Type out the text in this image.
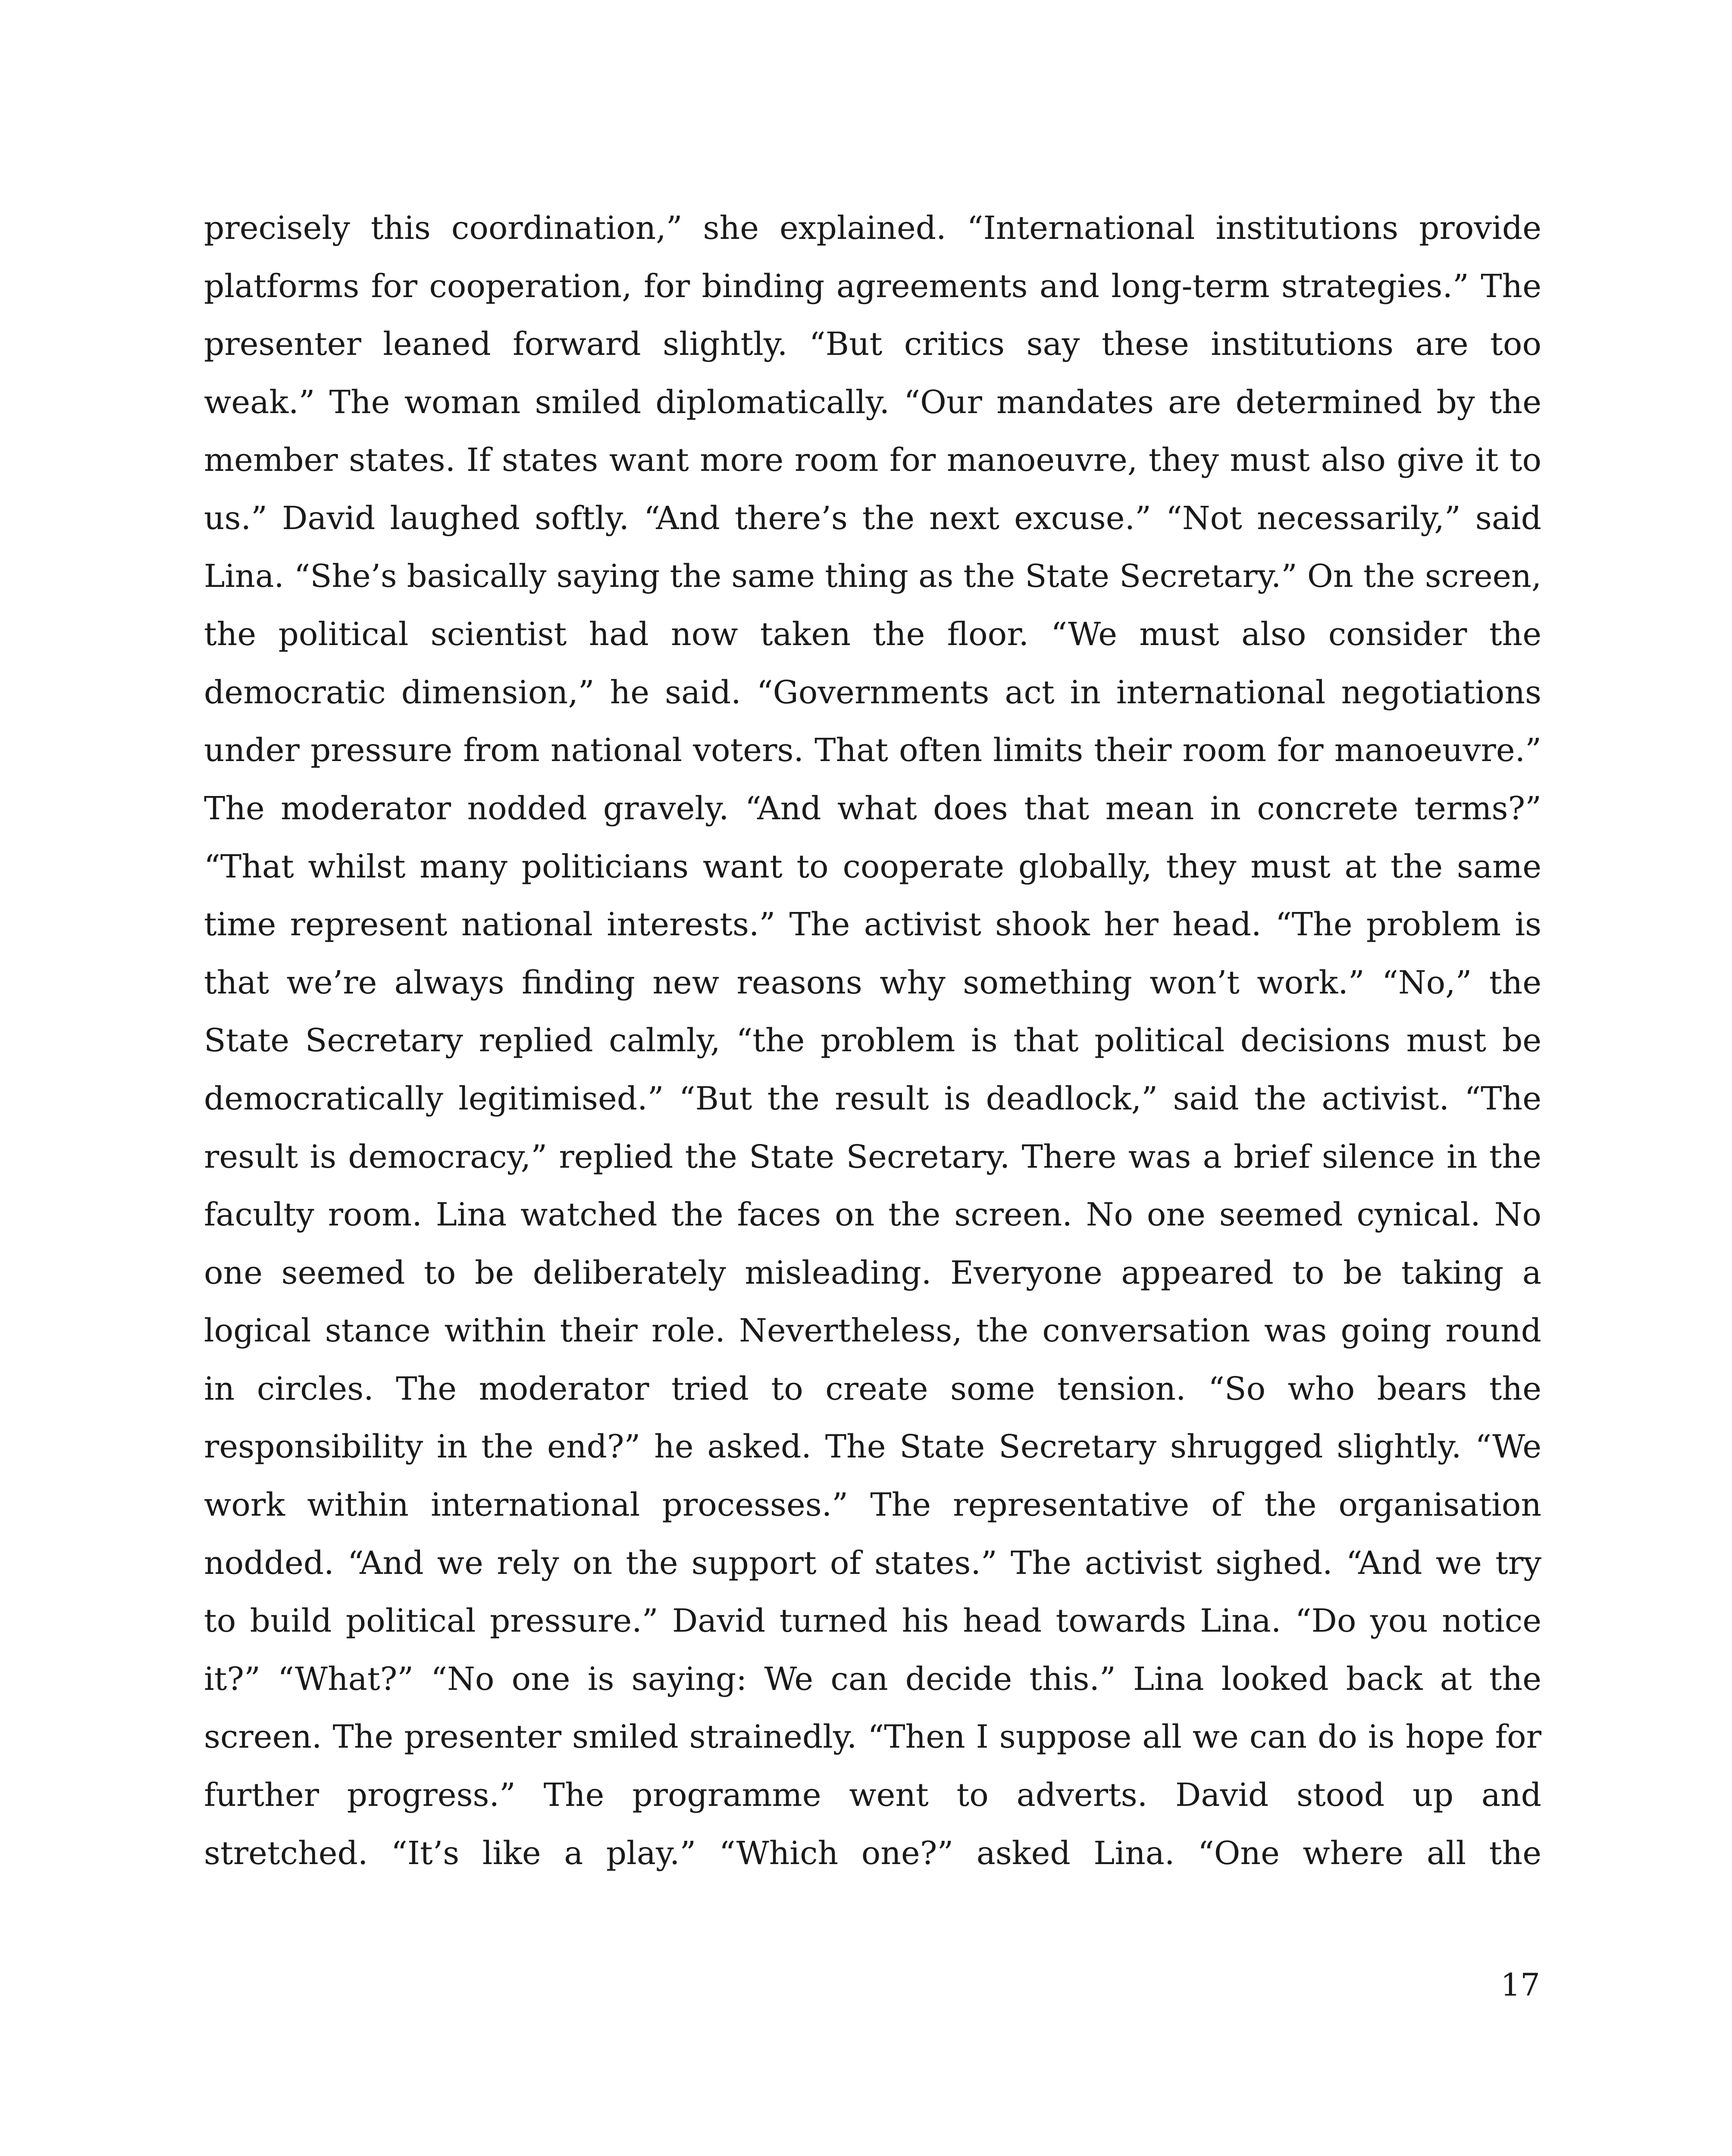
precisely this coordination,” she explained. “International institutions provide
platforms for cooperation, for binding agreements and long-term strategies.” The
presenter leaned forward slightly. “But critics say these institutions are too
weak.” The woman smiled diplomatically. “Our mandates are determined by the
member states. If states want more room for manoeuvre, they must also give it to
us.” David laughed softly. “And there’s the next excuse.” “Not necessarily,” said
Lina. “She’s basically saying the same thing as the State Secretary.” On the screen,
the political scientist had now taken the floor. “We must also consider the
democratic dimension,” he said. “Governments act in international negotiations
under pressure from national voters. That often limits their room for manoeuvre.”
The moderator nodded gravely. “And what does that mean in concrete terms?”
“That whilst many politicians want to cooperate globally, they must at the same
time represent national interests.” The activist shook her head. “The problem is
that we’re always finding new reasons why something won’t work.” “No,” the
State Secretary replied calmly, “the problem is that political decisions must be
democratically legitimised.” “But the result is deadlock,” said the activist. “The
result is democracy,” replied the State Secretary. There was a brief silence in the
faculty room. Lina watched the faces on the screen. No one seemed cynical. No
one seemed to be deliberately misleading. Everyone appeared to be taking a
logical stance within their role. Nevertheless, the conversation was going round
in circles. The moderator tried to create some tension. “So who bears the
responsibility in the end?” he asked. The State Secretary shrugged slightly. “We
work within international processes.” The representative of the organisation
nodded. “And we rely on the support of states.” The activist sighed. “And we try
to build political pressure.” David turned his head towards Lina. “Do you notice
it?” “What?” “No one is saying: We can decide this.” Lina looked back at the
screen. The presenter smiled strainedly. “Then I suppose all we can do is hope for
further progress.” The programme went to adverts. David stood up and
stretched. “It’s like a play.” “Which one?” asked Lina. “One where all the
17
